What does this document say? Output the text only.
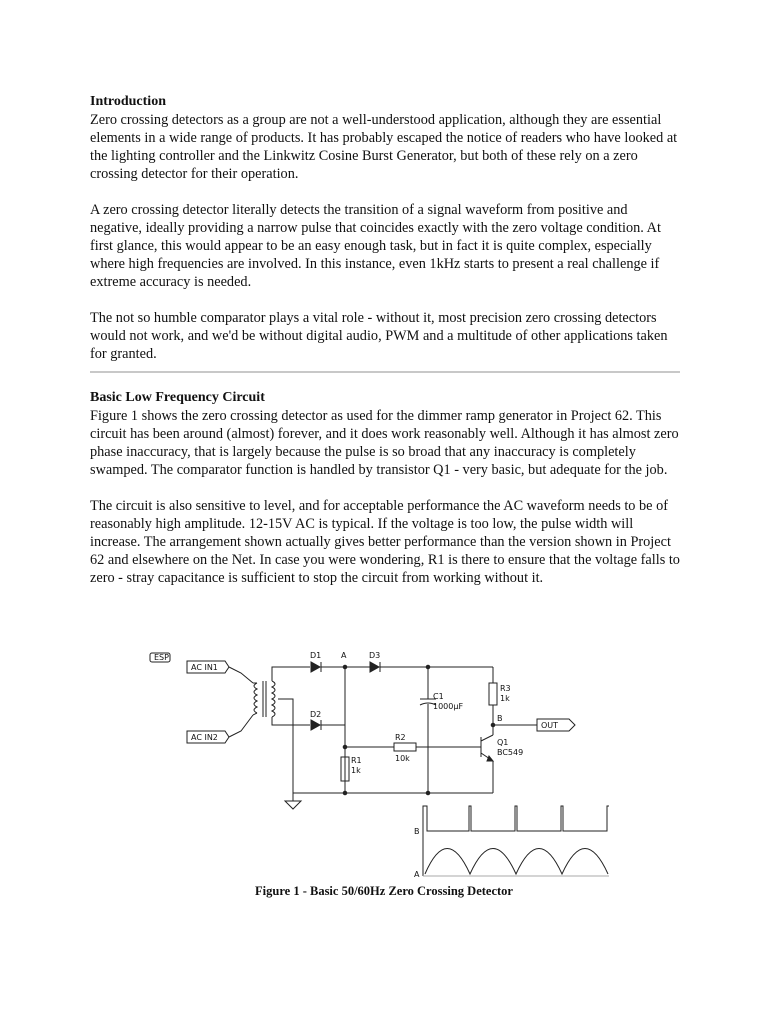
Introduction

Zero crossing detectors as a group are not a well-understood application, although they are essential elements in a wide range of products. It has probably escaped the notice of readers who have looked at the lighting controller and the Linkwitz Cosine Burst Generator, but both of these rely on a zero crossing detector for their operation.

A zero crossing detector literally detects the transition of a signal waveform from positive and negative, ideally providing a narrow pulse that coincides exactly with the zero voltage condition. At first glance, this would appear to be an easy enough task, but in fact it is quite complex, especially where high frequencies are involved. In this instance, even 1kHz starts to present a real challenge if extreme accuracy is needed.

The not so humble comparator plays a vital role - without it, most precision zero crossing detectors would not work, and we'd be without digital audio, PWM and a multitude of other applications taken for granted.

Basic Low Frequency Circuit

Figure 1 shows the zero crossing detector as used for the dimmer ramp generator in Project 62. This circuit has been around (almost) forever, and it does work reasonably well. Although it has almost zero phase inaccuracy, that is largely because the pulse is so broad that any inaccuracy is completely swamped. The comparator function is handled by transistor Q1 - very basic, but adequate for the job.

The circuit is also sensitive to level, and for acceptable performance the AC waveform needs to be of reasonably high amplitude. 12-15V AC is typical. If the voltage is too low, the pulse width will increase. The arrangement shown actually gives better performance than the version shown in Project 62 and elsewhere on the Net. In case you were wondering, R1 is there to ensure that the voltage falls to zero - stray capacitance is sufficient to stop the circuit from working without it.

ESP
AC IN1
AC IN2
D1
D2
D3
A
B
C1
1000µF
R1
1k
R2
10k
R3
1k
Q1
BC549
OUT
B
A
Figure 1 - Basic 50/60Hz Zero Crossing Detector
